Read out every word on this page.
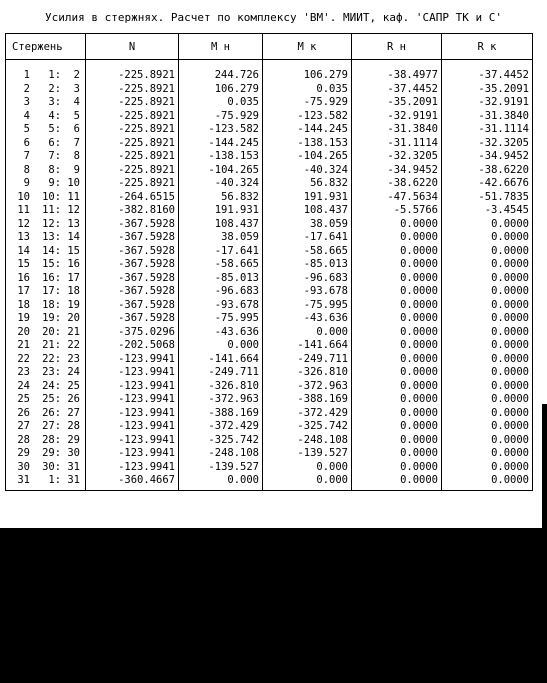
Усилия в стержнях. Расчет по комплексу 'ВМ'. МИИТ, каф. 'САПР ТК и С'
Стержень	N	M н	M к	R н	R к
1 1:  2	-225.8921	244.726	106.279	-38.4977	-37.4452
2 2:  3	-225.8921	106.279	0.035	-37.4452	-35.2091
3 3:  4	-225.8921	0.035	-75.929	-35.2091	-32.9191
4 4:  5	-225.8921	-75.929	-123.582	-32.9191	-31.3840
5 5:  6	-225.8921	-123.582	-144.245	-31.3840	-31.1114
6 6:  7	-225.8921	-144.245	-138.153	-31.1114	-32.3205
7 7:  8	-225.8921	-138.153	-104.265	-32.3205	-34.9452
8 8:  9	-225.8921	-104.265	-40.324	-34.9452	-38.6220
9 9: 10	-225.8921	-40.324	56.832	-38.6220	-42.6676
10 10: 11	-264.6515	56.832	191.931	-47.5634	-51.7835
11 11: 12	-382.8160	191.931	108.437	-5.5766	-3.4545
12 12: 13	-367.5928	108.437	38.059	0.0000	0.0000
13 13: 14	-367.5928	38.059	-17.641	0.0000	0.0000
14 14: 15	-367.5928	-17.641	-58.665	0.0000	0.0000
15 15: 16	-367.5928	-58.665	-85.013	0.0000	0.0000
16 16: 17	-367.5928	-85.013	-96.683	0.0000	0.0000
17 17: 18	-367.5928	-96.683	-93.678	0.0000	0.0000
18 18: 19	-367.5928	-93.678	-75.995	0.0000	0.0000
19 19: 20	-367.5928	-75.995	-43.636	0.0000	0.0000
20 20: 21	-375.0296	-43.636	0.000	0.0000	0.0000
21 21: 22	-202.5068	0.000	-141.664	0.0000	0.0000
22 22: 23	-123.9941	-141.664	-249.711	0.0000	0.0000
23 23: 24	-123.9941	-249.711	-326.810	0.0000	0.0000
24 24: 25	-123.9941	-326.810	-372.963	0.0000	0.0000
25 25: 26	-123.9941	-372.963	-388.169	0.0000	0.0000
26 26: 27	-123.9941	-388.169	-372.429	0.0000	0.0000
27 27: 28	-123.9941	-372.429	-325.742	0.0000	0.0000
28 28: 29	-123.9941	-325.742	-248.108	0.0000	0.0000
29 29: 30	-123.9941	-248.108	-139.527	0.0000	0.0000
30 30: 31	-123.9941	-139.527	0.000	0.0000	0.0000
31 1: 31	-360.4667	0.000	0.000	0.0000	0.0000
